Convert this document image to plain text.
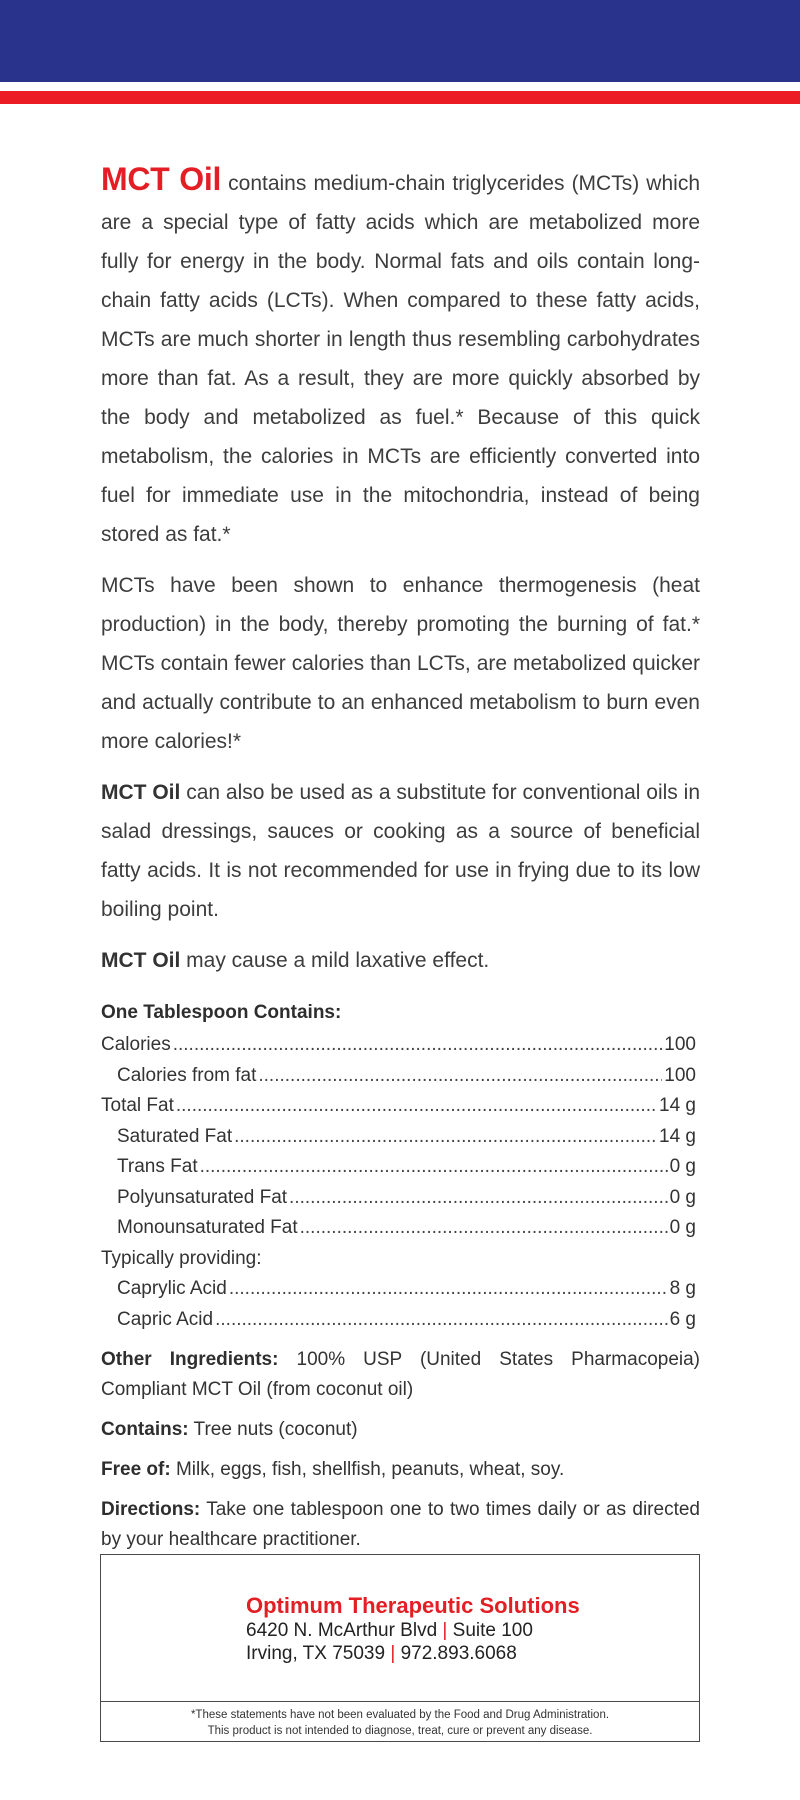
MCT Oil contains medium-chain triglycerides (MCTs) which are a special type of fatty acids which are metabolized more fully for energy in the body. Normal fats and oils contain long-chain fatty acids (LCTs). When compared to these fatty acids, MCTs are much shorter in length thus resembling carbohydrates more than fat. As a result, they are more quickly absorbed by the body and metabolized as fuel.* Because of this quick metabolism, the calories in MCTs are efficiently converted into fuel for immediate use in the mitochondria, instead of being stored as fat.*

MCTs have been shown to enhance thermogenesis (heat production) in the body, thereby promoting the burning of fat.* MCTs contain fewer calories than LCTs, are metabolized quicker and actually contribute to an enhanced metabolism to burn even more calories!*

MCT Oil can also be used as a substitute for conventional oils in salad dressings, sauces or cooking as a source of beneficial fatty acids. It is not recommended for use in frying due to its low boiling point.

MCT Oil may cause a mild laxative effect.

One Tablespoon Contains:
Calories .....	100
Calories from fat .....	100
Total Fat .....	14 g
Saturated Fat .....	14 g
Trans Fat .....	0 g
Polyunsaturated Fat .....	0 g
Monounsaturated Fat .....	0 g
Typically providing:
Caprylic Acid .....	8 g
Capric Acid .....	6 g

Other Ingredients: 100% USP (United States Pharmacopeia) Compliant MCT Oil (from coconut oil)

Contains: Tree nuts (coconut)

Free of: Milk, eggs, fish, shellfish, peanuts, wheat, soy.

Directions: Take one tablespoon one to two times daily or as directed by your healthcare practitioner.

Optimum Therapeutic Solutions
6420 N. McArthur Blvd | Suite 100
Irving, TX 75039 | 972.893.6068
*These statements have not been evaluated by the Food and Drug Administration.
This product is not intended to diagnose, treat, cure or prevent any disease.
